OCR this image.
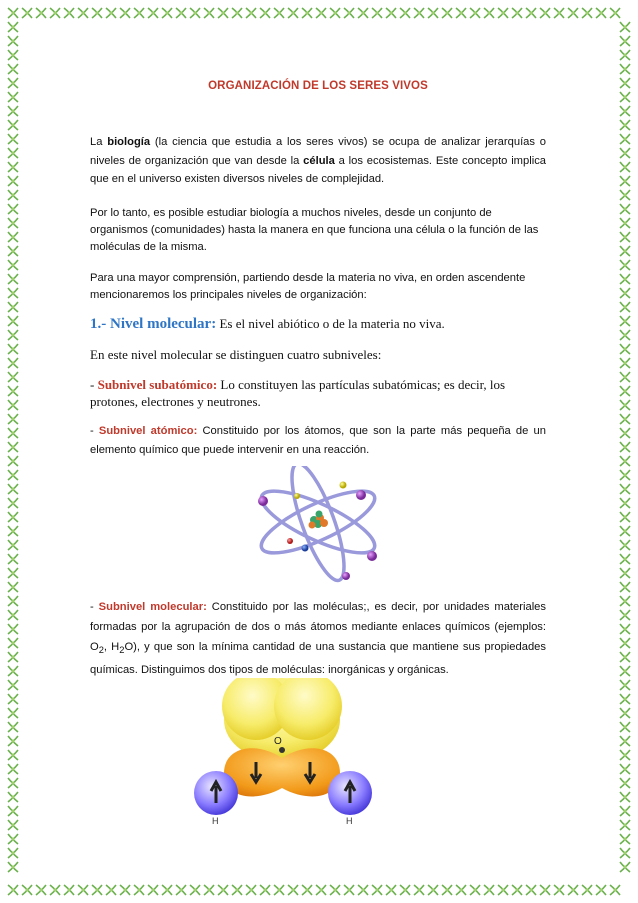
ORGANIZACIÓN DE LOS SERES VIVOS
La biología (la ciencia que estudia a los seres vivos) se ocupa de analizar jerarquías o niveles de organización que van desde la célula a los ecosistemas. Este concepto implica que en el universo existen diversos niveles de complejidad.
Por lo tanto, es posible estudiar biología a muchos niveles, desde un conjunto de organismos (comunidades) hasta la manera en que funciona una célula o la función de las moléculas de la misma.
Para una mayor comprensión, partiendo desde la materia no viva, en orden ascendente mencionaremos los principales niveles de organización:
1.- Nivel molecular: Es el nivel abiótico o de la materia no viva.
En este nivel molecular se distinguen cuatro subniveles:
- Subnivel subatómico: Lo constituyen las partículas subatómicas; es decir, los protones, electrones y neutrones.
- Subnivel atómico: Constituido por los átomos, que son la parte más pequeña de un elemento químico que puede intervenir en una reacción.
- Subnivel molecular: Constituido por las moléculas;, es decir, por unidades materiales formadas por la agrupación de dos o más átomos mediante enlaces químicos (ejemplos: $O_2$, $H_2O$), y que son la mínima cantidad de una sustancia que mantiene sus propiedades químicas. Distinguimos dos tipos de moléculas: inorgánicas y orgánicas.
O
H	H
